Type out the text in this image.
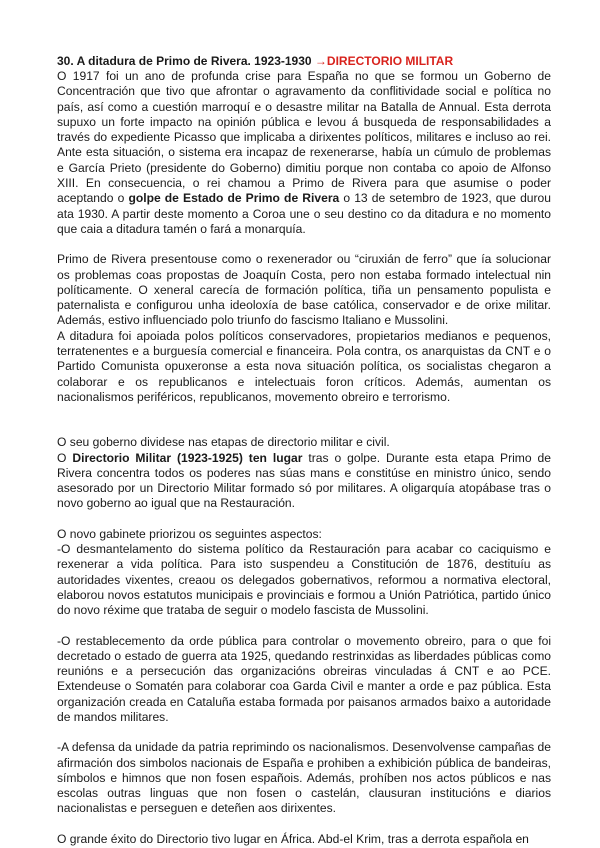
30. A ditadura de Primo de Rivera. 1923-1930 →DIRECTORIO MILITAR

O 1917 foi un ano de profunda crise para España no que se formou un Goberno de Concentración que tivo que afrontar o agravamento da conflitividade social e política no país, así como a cuestión marroquí e o desastre militar na Batalla de Annual. Esta derrota supuxo un forte impacto na opinión pública e levou á busqueda de responsabilidades a través do expediente Picasso que implicaba a dirixentes políticos, militares e incluso ao rei. Ante esta situación, o sistema era incapaz de rexenerarse, había un cúmulo de problemas e García Prieto (presidente do Goberno) dimitiu porque non contaba co apoio de Alfonso XIII. En consecuencia, o rei chamou a Primo de Rivera para que asumise o poder aceptando o golpe de Estado de Primo de Rivera o 13 de setembro de 1923, que durou ata 1930. A partir deste momento a Coroa une o seu destino co da ditadura e no momento que caia a ditadura tamén o fará a monarquía.

Primo de Rivera presentouse como o rexenerador ou “ciruxián de ferro” que ía solucionar os problemas coas propostas de Joaquín Costa, pero non estaba formado intelectual nin políticamente. O xeneral carecía de formación política, tiña un pensamento populista e paternalista e configurou unha ideoloxía de base católica, conservador e de orixe militar. Además, estivo influenciado polo triunfo do fascismo Italiano e Mussolini.

A ditadura foi apoiada polos políticos conservadores, propietarios medianos e pequenos, terratenentes e a burguesía comercial e financeira. Pola contra, os anarquistas da CNT e o Partido Comunista opuxeronse a esta nova situación política, os socialistas chegaron a colaborar e os republicanos e intelectuais foron críticos. Además, aumentan os nacionalismos periféricos, republicanos, movemento obreiro e terrorismo.

O seu goberno dividese nas etapas de directorio militar e civil.

O Directorio Militar (1923-1925) ten lugar tras o golpe. Durante esta etapa Primo de Rivera concentra todos os poderes nas súas mans e constitúse en ministro único, sendo asesorado por un Directorio Militar formado só por militares. A oligarquía atopábase tras o novo goberno ao igual que na Restauración.

O novo gabinete priorizou os seguintes aspectos:

-O desmantelamento do sistema político da Restauración para acabar co caciquismo e rexenerar a vida política. Para isto suspendeu a Constitución de 1876, destituíu as autoridades vixentes, creaou os delegados gobernativos, reformou a normativa electoral, elaborou novos estatutos municipais e provinciais e formou a Unión Patriótica, partido único do novo réxime que trataba de seguir o modelo fascista de Mussolini.

-O restablecemento da orde pública para controlar o movemento obreiro, para o que foi decretado o estado de guerra ata 1925, quedando restrinxidas as liberdades públicas como reunións e a persecución das organizacións obreiras vinculadas á CNT e ao PCE. Extendeuse o Somatén para colaborar coa Garda Civil e manter a orde e paz pública. Esta organización creada en Cataluña estaba formada por paisanos armados baixo a autoridade de mandos militares.

-A defensa da unidade da patria reprimindo os nacionalismos. Desenvolvense campañas de afirmación dos simbolos nacionais de España e prohiben a exhibición pública de bandeiras, símbolos e himnos que non fosen españois. Además, prohíben nos actos públicos e nas escolas outras linguas que non fosen o castelán, clausuran institucións e diarios nacionalistas e perseguen e deteñen aos dirixentes.

O grande éxito do Directorio tivo lugar en África. Abd-el Krim, tras a derrota española en
